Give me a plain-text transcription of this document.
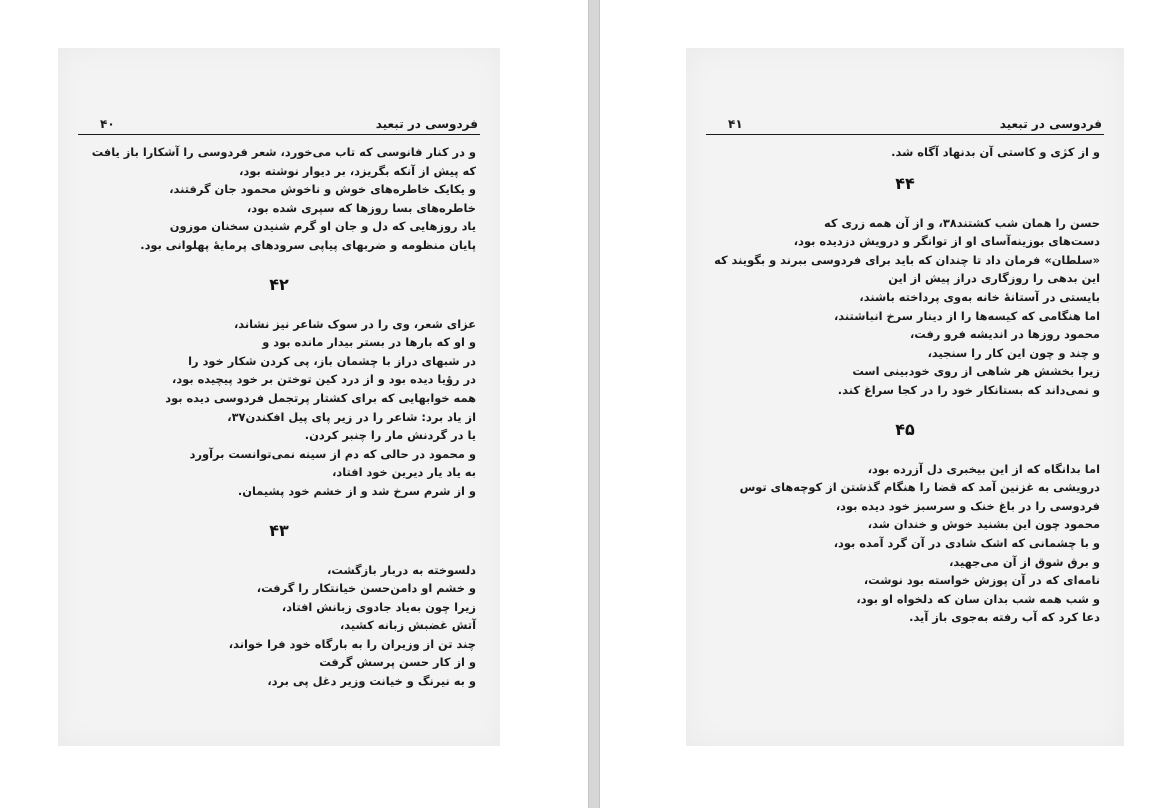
فردوسی در تبعید
۴۰
و در کنار فانوسی که تاب می‌خورد، شعر فردوسی را آشکارا باز یافت
که پیش از آنکه بگریزد، بر دیوار نوشته بود،
و یکایک خاطره‌های خوش و ناخوش محمود جان گرفتند،
خاطره‌های بسا روزها که سپری شده بود،
یاد روزهایی که دل و جان او گرم شنیدن سخنان موزون
پایان منظومه و ضربهای پیاپی سرودهای پرمایهٔ پهلوانی بود.
۴۲
عزای شعر، وی را در سوک شاعر نیز نشاند،
و او که بارها در بستر بیدار مانده بود و
در شبهای دراز با چشمان باز، پی کردن شکار خود را
در رؤیا دیده بود و از درد کین توختن بر خود پیچیده بود،
همه خوابهایی که برای کشتار پرتجمل فردوسی دیده بود
از یاد برد: شاعر را در زیر پای پیل افکندن۳۷،
یا در گردنش مار را چنبر کردن.
و محمود در حالی که دم از سینه نمی‌توانست برآورد
به یاد یار دیرین خود افتاد،
و از شرم سرخ شد و از خشم خود پشیمان.
۴۳
دلسوخته به دربار بازگشت،
و خشم او دامن‌حسن خیانتکار را گرفت،
زیرا چون به‌یاد جادوی زبانش افتاد،
آتش غضبش زبانه کشید،
چند تن از وزیران را به بارگاه خود فرا خواند،
و از کار حسن پرسش گرفت
و به نیرنگ و خیانت وزیر دغل پی برد،
فردوسی در تبعید
۴۱
و از کژی و کاستی آن بدنهاد آگاه شد.
۴۴
حسن را همان شب کشتند۳۸، و از آن همه زری که
دست‌های بوزینه‌آسای او از توانگر و درویش دزدیده بود،
«سلطان» فرمان داد تا چندان که باید برای فردوسی ببرند و بگویند که
این بدهی را روزگاری دراز پیش از این
بایستی در آستانهٔ خانه به‌وی پرداخته باشند،
اما هنگامی که کیسه‌ها را از دینار سرخ انباشتند،
محمود روزها در اندیشه فرو رفت،
و چند و چون این کار را سنجید،
زیرا بخشش هر شاهی از روی خودبینی است
و نمی‌داند که بستانکار خود را در کجا سراغ کند.
۴۵
اما بدانگاه که از این بیخبری دل آزرده بود،
درویشی به غزنین آمد که قضا را هنگام گذشتن از کوچه‌های توس
فردوسی را در باغ خنک و سرسبز خود دیده بود،
محمود چون این بشنید خوش و خندان شد،
و با چشمانی که اشک شادی در آن گرد آمده بود،
و برق شوق از آن می‌جهید،
نامه‌ای که در آن پوزش خواسته بود نوشت،
و شب همه شب بدان سان که دلخواه او بود،
دعا کرد که آب رفته به‌جوی باز آید.
